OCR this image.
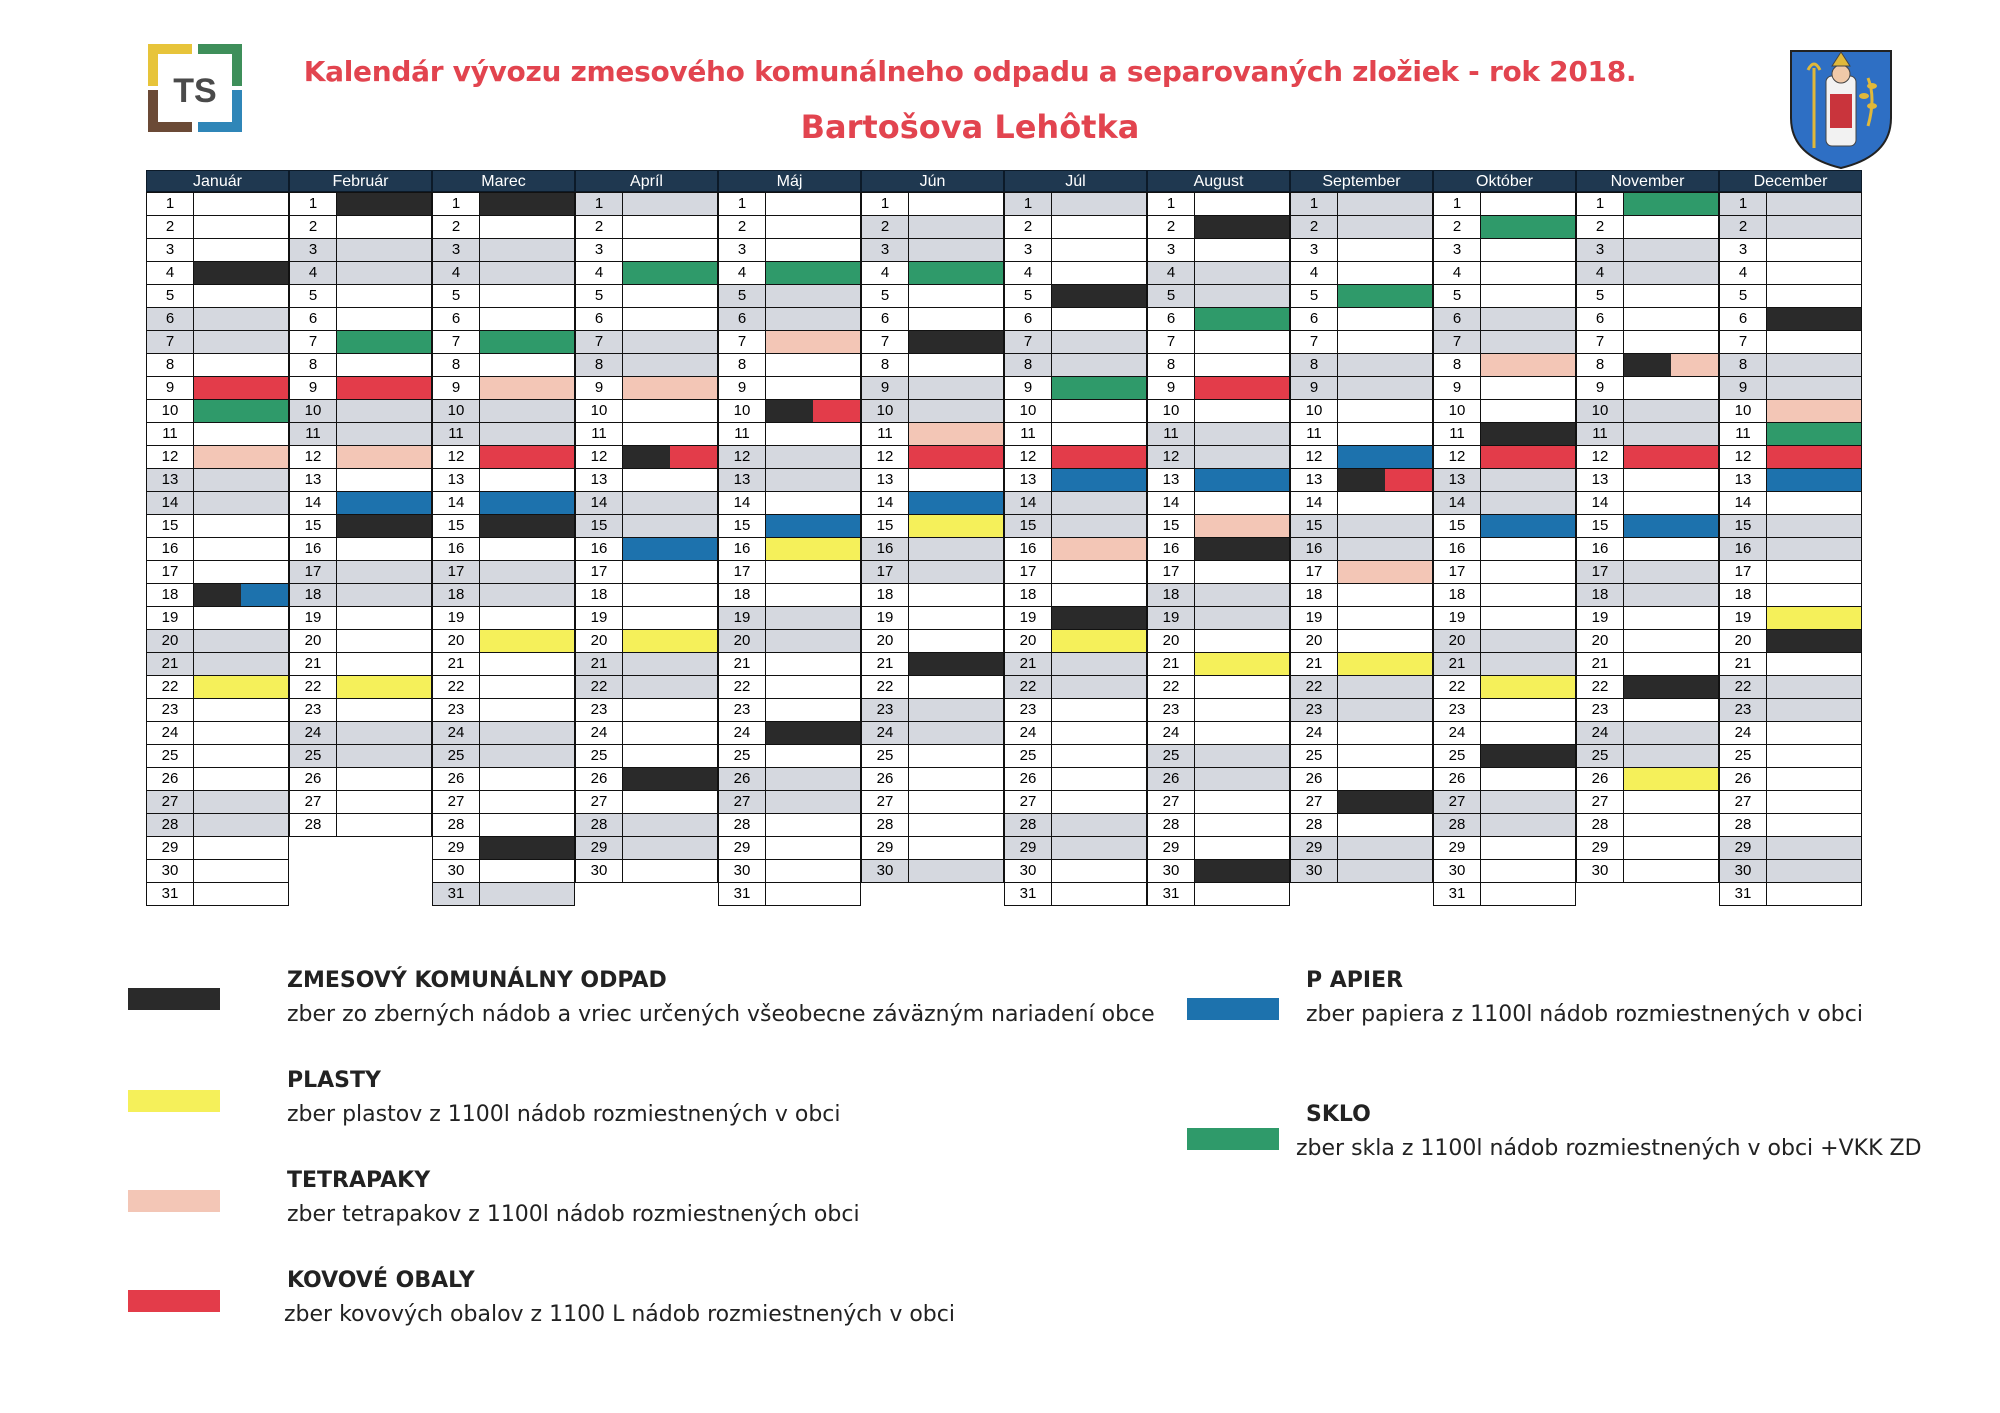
TS
Kalendár vývozu zmesového komunálneho odpadu a separovaných zložiek - rok 2018.
Bartošova Lehôtka
Január
1
2
3
4
5
6
7
8
9
10
11
12
13
14
15
16
17
18
19
20
21
22
23
24
25
26
27
28
29
30
31
Február
1
2
3
4
5
6
7
8
9
10
11
12
13
14
15
16
17
18
19
20
21
22
23
24
25
26
27
28
Marec
1
2
3
4
5
6
7
8
9
10
11
12
13
14
15
16
17
18
19
20
21
22
23
24
25
26
27
28
29
30
31
Apríl
1
2
3
4
5
6
7
8
9
10
11
12
13
14
15
16
17
18
19
20
21
22
23
24
25
26
27
28
29
30
Máj
1
2
3
4
5
6
7
8
9
10
11
12
13
14
15
16
17
18
19
20
21
22
23
24
25
26
27
28
29
30
31
Jún
1
2
3
4
5
6
7
8
9
10
11
12
13
14
15
16
17
18
19
20
21
22
23
24
25
26
27
28
29
30
Júl
1
2
3
4
5
6
7
8
9
10
11
12
13
14
15
16
17
18
19
20
21
22
23
24
25
26
27
28
29
30
31
August
1
2
3
4
5
6
7
8
9
10
11
12
13
14
15
16
17
18
19
20
21
22
23
24
25
26
27
28
29
30
31
September
1
2
3
4
5
6
7
8
9
10
11
12
13
14
15
16
17
18
19
20
21
22
23
24
25
26
27
28
29
30
Október
1
2
3
4
5
6
7
8
9
10
11
12
13
14
15
16
17
18
19
20
21
22
23
24
25
26
27
28
29
30
31
November
1
2
3
4
5
6
7
8
9
10
11
12
13
14
15
16
17
18
19
20
21
22
23
24
25
26
27
28
29
30
December
1
2
3
4
5
6
7
8
9
10
11
12
13
14
15
16
17
18
19
20
21
22
23
24
25
26
27
28
29
30
31
ZMESOVÝ KOMUNÁLNY ODPAD
zber zo zberných nádob a vriec určených všeobecne záväzným nariadení obce
PLASTY
zber plastov z 1100l nádob rozmiestnených v obci
TETRAPAKY
zber tetrapakov z 1100l nádob rozmiestnených obci
KOVOVÉ OBALY
zber kovových obalov z 1100 L nádob rozmiestnených v obci
P APIER
zber papiera z 1100l nádob rozmiestnených v obci
SKLO
zber skla z 1100l nádob rozmiestnených v obci +VKK ZD
